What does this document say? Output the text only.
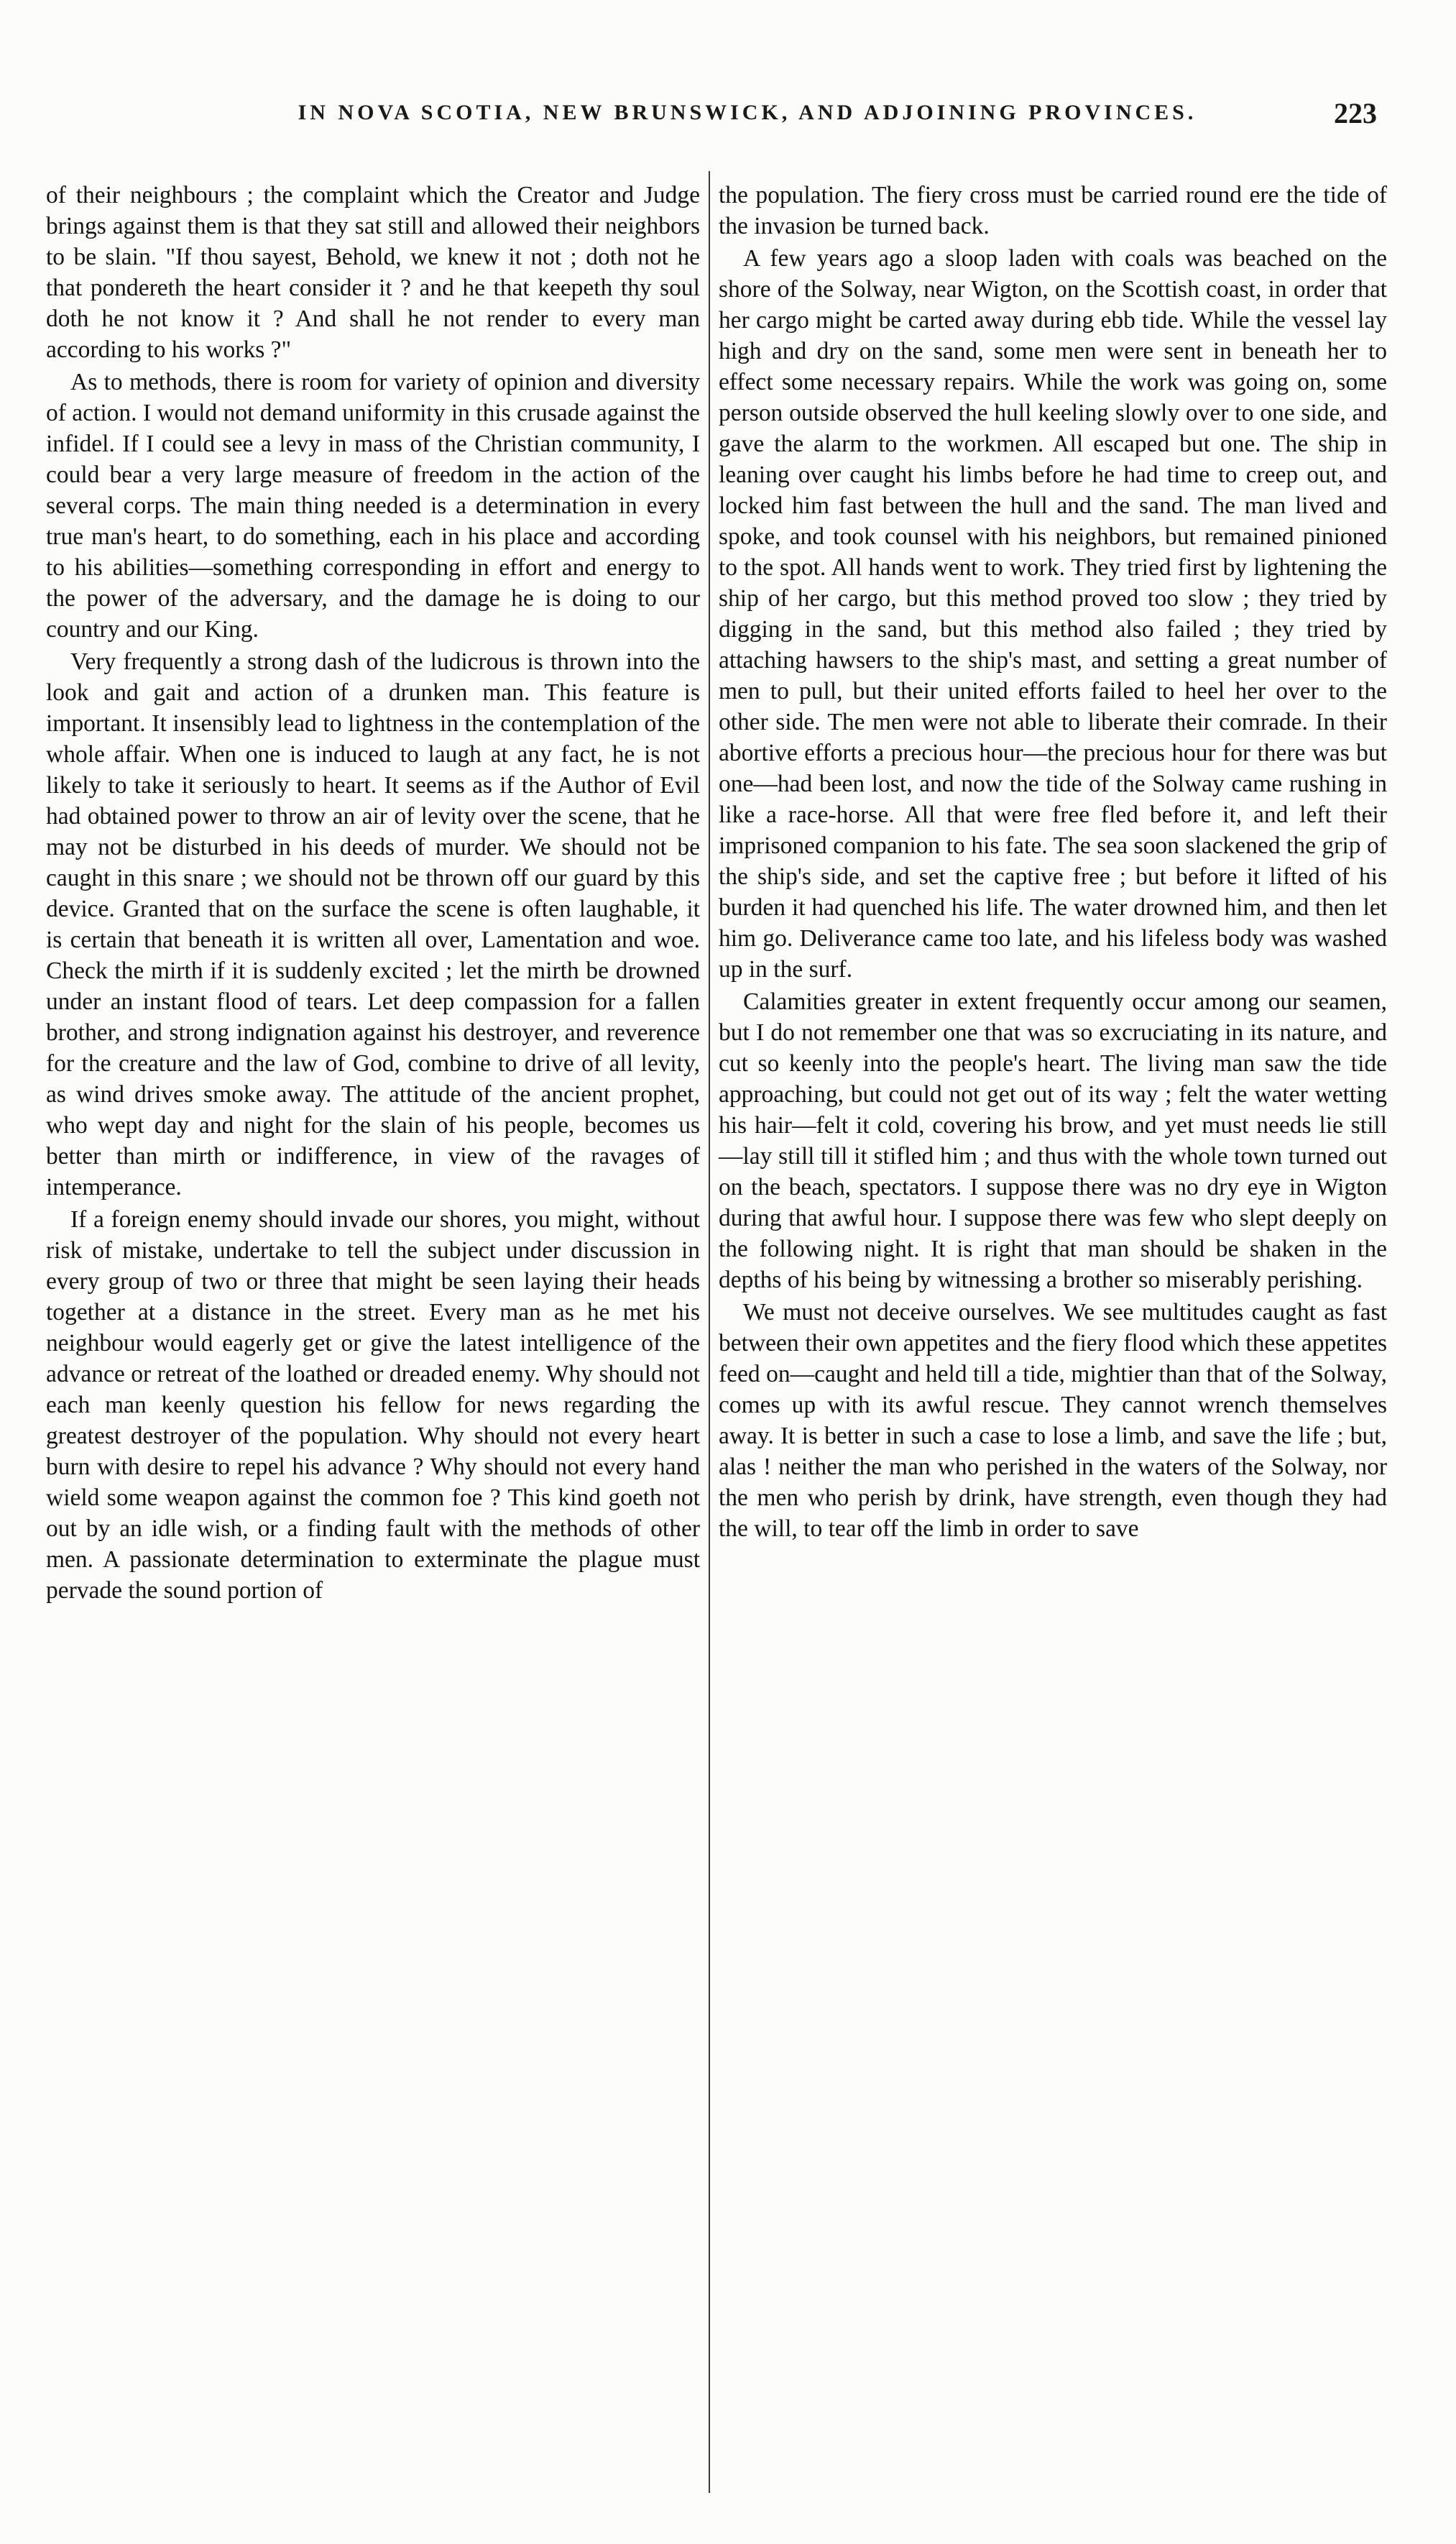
IN NOVA SCOTIA, NEW BRUNSWICK, AND ADJOINING PROVINCES.	223

of their neighbours ; the complaint which the Creator and Judge brings against them is that they sat still and allowed their neighbors to be slain. "If thou sayest, Behold, we knew it not ; doth not he that pondereth the heart consider it ? and he that keepeth thy soul doth he not know it ? And shall he not render to every man according to his works ?"

As to methods, there is room for variety of opinion and diversity of action. I would not demand uniformity in this crusade against the infidel. If I could see a levy in mass of the Christian community, I could bear a very large measure of freedom in the action of the several corps. The main thing needed is a determination in every true man's heart, to do something, each in his place and according to his abilities—something corresponding in effort and energy to the power of the adversary, and the damage he is doing to our country and our King.

Very frequently a strong dash of the ludicrous is thrown into the look and gait and action of a drunken man. This feature is important. It insensibly lead to lightness in the contemplation of the whole affair. When one is induced to laugh at any fact, he is not likely to take it seriously to heart. It seems as if the Author of Evil had obtained power to throw an air of levity over the scene, that he may not be disturbed in his deeds of murder. We should not be caught in this snare ; we should not be thrown off our guard by this device. Granted that on the surface the scene is often laughable, it is certain that beneath it is written all over, Lamentation and woe. Check the mirth if it is suddenly excited ; let the mirth be drowned under an instant flood of tears. Let deep compassion for a fallen brother, and strong indignation against his destroyer, and reverence for the creature and the law of God, combine to drive of all levity, as wind drives smoke away. The attitude of the ancient prophet, who wept day and night for the slain of his people, becomes us better than mirth or indifference, in view of the ravages of intemperance.

If a foreign enemy should invade our shores, you might, without risk of mistake, undertake to tell the subject under discussion in every group of two or three that might be seen laying their heads together at a distance in the street. Every man as he met his neighbour would eagerly get or give the latest intelligence of the advance or retreat of the loathed or dreaded enemy. Why should not each man keenly question his fellow for news regarding the greatest destroyer of the population. Why should not every heart burn with desire to repel his advance ? Why should not every hand wield some weapon against the common foe ? This kind goeth not out by an idle wish, or a finding fault with the methods of other men. A passionate determination to exterminate the plague must pervade the sound portion of

the population. The fiery cross must be carried round ere the tide of the invasion be turned back.

A few years ago a sloop laden with coals was beached on the shore of the Solway, near Wigton, on the Scottish coast, in order that her cargo might be carted away during ebb tide. While the vessel lay high and dry on the sand, some men were sent in beneath her to effect some necessary repairs. While the work was going on, some person outside observed the hull keeling slowly over to one side, and gave the alarm to the workmen. All escaped but one. The ship in leaning over caught his limbs before he had time to creep out, and locked him fast between the hull and the sand. The man lived and spoke, and took counsel with his neighbors, but remained pinioned to the spot. All hands went to work. They tried first by lightening the ship of her cargo, but this method proved too slow ; they tried by digging in the sand, but this method also failed ; they tried by attaching hawsers to the ship's mast, and setting a great number of men to pull, but their united efforts failed to heel her over to the other side. The men were not able to liberate their comrade. In their abortive efforts a precious hour—the precious hour for there was but one—had been lost, and now the tide of the Solway came rushing in like a race-horse. All that were free fled before it, and left their imprisoned companion to his fate. The sea soon slackened the grip of the ship's side, and set the captive free ; but before it lifted of his burden it had quenched his life. The water drowned him, and then let him go. Deliverance came too late, and his lifeless body was washed up in the surf.

Calamities greater in extent frequently occur among our seamen, but I do not remember one that was so excruciating in its nature, and cut so keenly into the people's heart. The living man saw the tide approaching, but could not get out of its way ; felt the water wetting his hair—felt it cold, covering his brow, and yet must needs lie still—lay still till it stifled him ; and thus with the whole town turned out on the beach, spectators. I suppose there was no dry eye in Wigton during that awful hour. I suppose there was few who slept deeply on the following night. It is right that man should be shaken in the depths of his being by witnessing a brother so miserably perishing.

We must not deceive ourselves. We see multitudes caught as fast between their own appetites and the fiery flood which these appetites feed on—caught and held till a tide, mightier than that of the Solway, comes up with its awful rescue. They cannot wrench themselves away. It is better in such a case to lose a limb, and save the life ; but, alas ! neither the man who perished in the waters of the Solway, nor the men who perish by drink, have strength, even though they had the will, to tear off the limb in order to save
